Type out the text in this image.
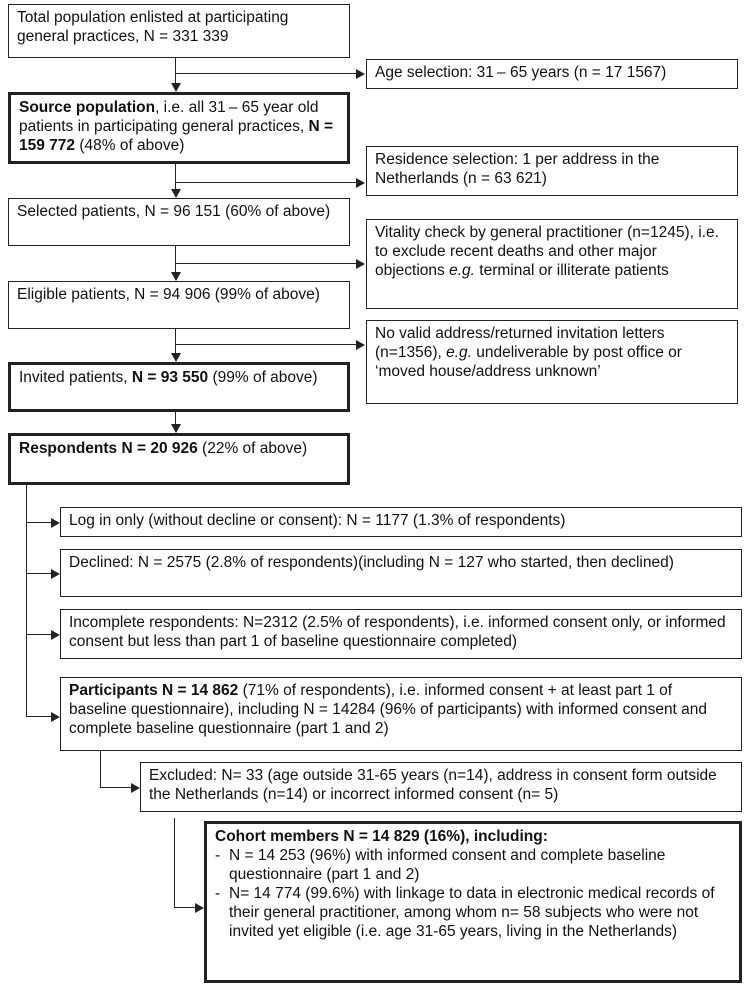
Total population enlisted at participating general practices, N = 331 339
Source population, i.e. all 31 – 65 year old patients in participating general practices, N = 159 772 (48% of above)
Selected patients, N = 96 151 (60% of above)
Eligible patients, N = 94 906 (99% of above)
Invited patients, N = 93 550 (99% of above)
Respondents N = 20 926 (22% of above)
Age selection: 31 – 65 years (n = 17 1567)
Residence selection: 1 per address in the Netherlands (n = 63 621)
Vitality check by general practitioner (n=1245), i.e. to exclude recent deaths and other major objections e.g. terminal or illiterate patients
No valid address/returned invitation letters (n=1356), e.g. undeliverable by post office or ‘moved house/address unknown’
Log in only (without decline or consent): N = 1177 (1.3% of respondents)
Declined: N = 2575 (2.8% of respondents)(including N = 127 who started, then declined)
Incomplete respondents: N=2312 (2.5% of respondents), i.e. informed consent only, or informed consent but less than part 1 of baseline questionnaire completed)
Participants N = 14 862 (71% of respondents), i.e. informed consent + at least part 1 of baseline questionnaire), including N = 14284 (96% of participants) with informed consent and complete baseline questionnaire (part 1 and 2)
Excluded: N= 33 (age outside 31-65 years (n=14), address in consent form outside the Netherlands (n=14) or incorrect informed consent (n= 5)
Cohort members N = 14 829 (16%), including:
- N = 14 253 (96%) with informed consent and complete baseline questionnaire (part 1 and 2)
- N= 14 774 (99.6%) with linkage to data in electronic medical records of their general practitioner, among whom n= 58 subjects who were not invited yet eligible (i.e. age 31-65 years, living in the Netherlands)
